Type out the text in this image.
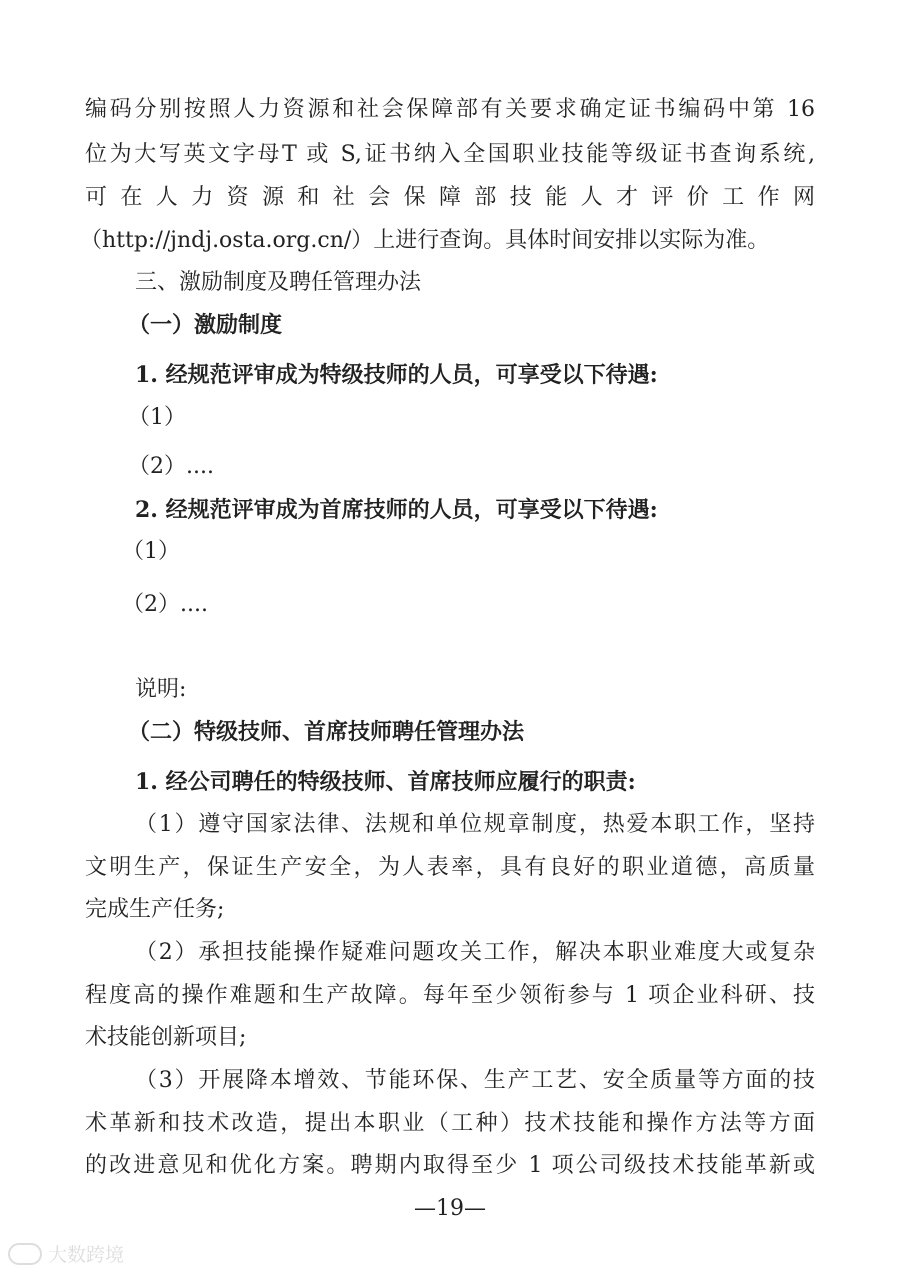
编码分别按照人力资源和社会保障部有关要求确定证书编码中第 16
位为大写英文字母T 或 S,证书纳入全国职业技能等级证书查询系统,
可在人力资源和社会保障部技能人才评价工作网
（http://jndj.osta.org.cn/）上进行查询。具体时间安排以实际为准。
三、激励制度及聘任管理办法
（一）激励制度
1. 经规范评审成为特级技师的人员，可享受以下待遇:
（1）
（2）....
2. 经规范评审成为首席技师的人员，可享受以下待遇:
（1）
（2）....
说明:
（二）特级技师、首席技师聘任管理办法
1. 经公司聘任的特级技师、首席技师应履行的职责:
（1）遵守国家法律、法规和单位规章制度，热爱本职工作，坚持
文明生产，保证生产安全，为人表率，具有良好的职业道德，高质量
完成生产任务;
（2）承担技能操作疑难问题攻关工作，解决本职业难度大或复杂
程度高的操作难题和生产故障。每年至少领衔参与 1 项企业科研、技
术技能创新项目;
（3）开展降本增效、节能环保、生产工艺、安全质量等方面的技
术革新和技术改造，提出本职业（工种）技术技能和操作方法等方面
的改进意见和优化方案。聘期内取得至少 1 项公司级技术技能革新或
—19—
大数跨境
